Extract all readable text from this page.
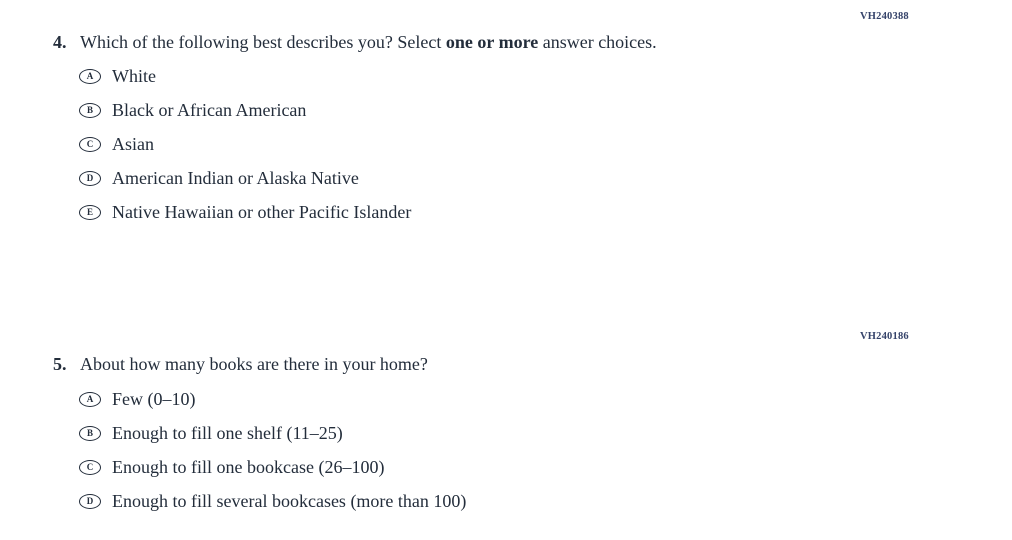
VH240388
4. Which of the following best describes you? Select one or more answer choices.
A White
B Black or African American
C Asian
D American Indian or Alaska Native
E Native Hawaiian or other Pacific Islander
VH240186
5. About how many books are there in your home?
A Few (0–10)
B Enough to fill one shelf (11–25)
C Enough to fill one bookcase (26–100)
D Enough to fill several bookcases (more than 100)
